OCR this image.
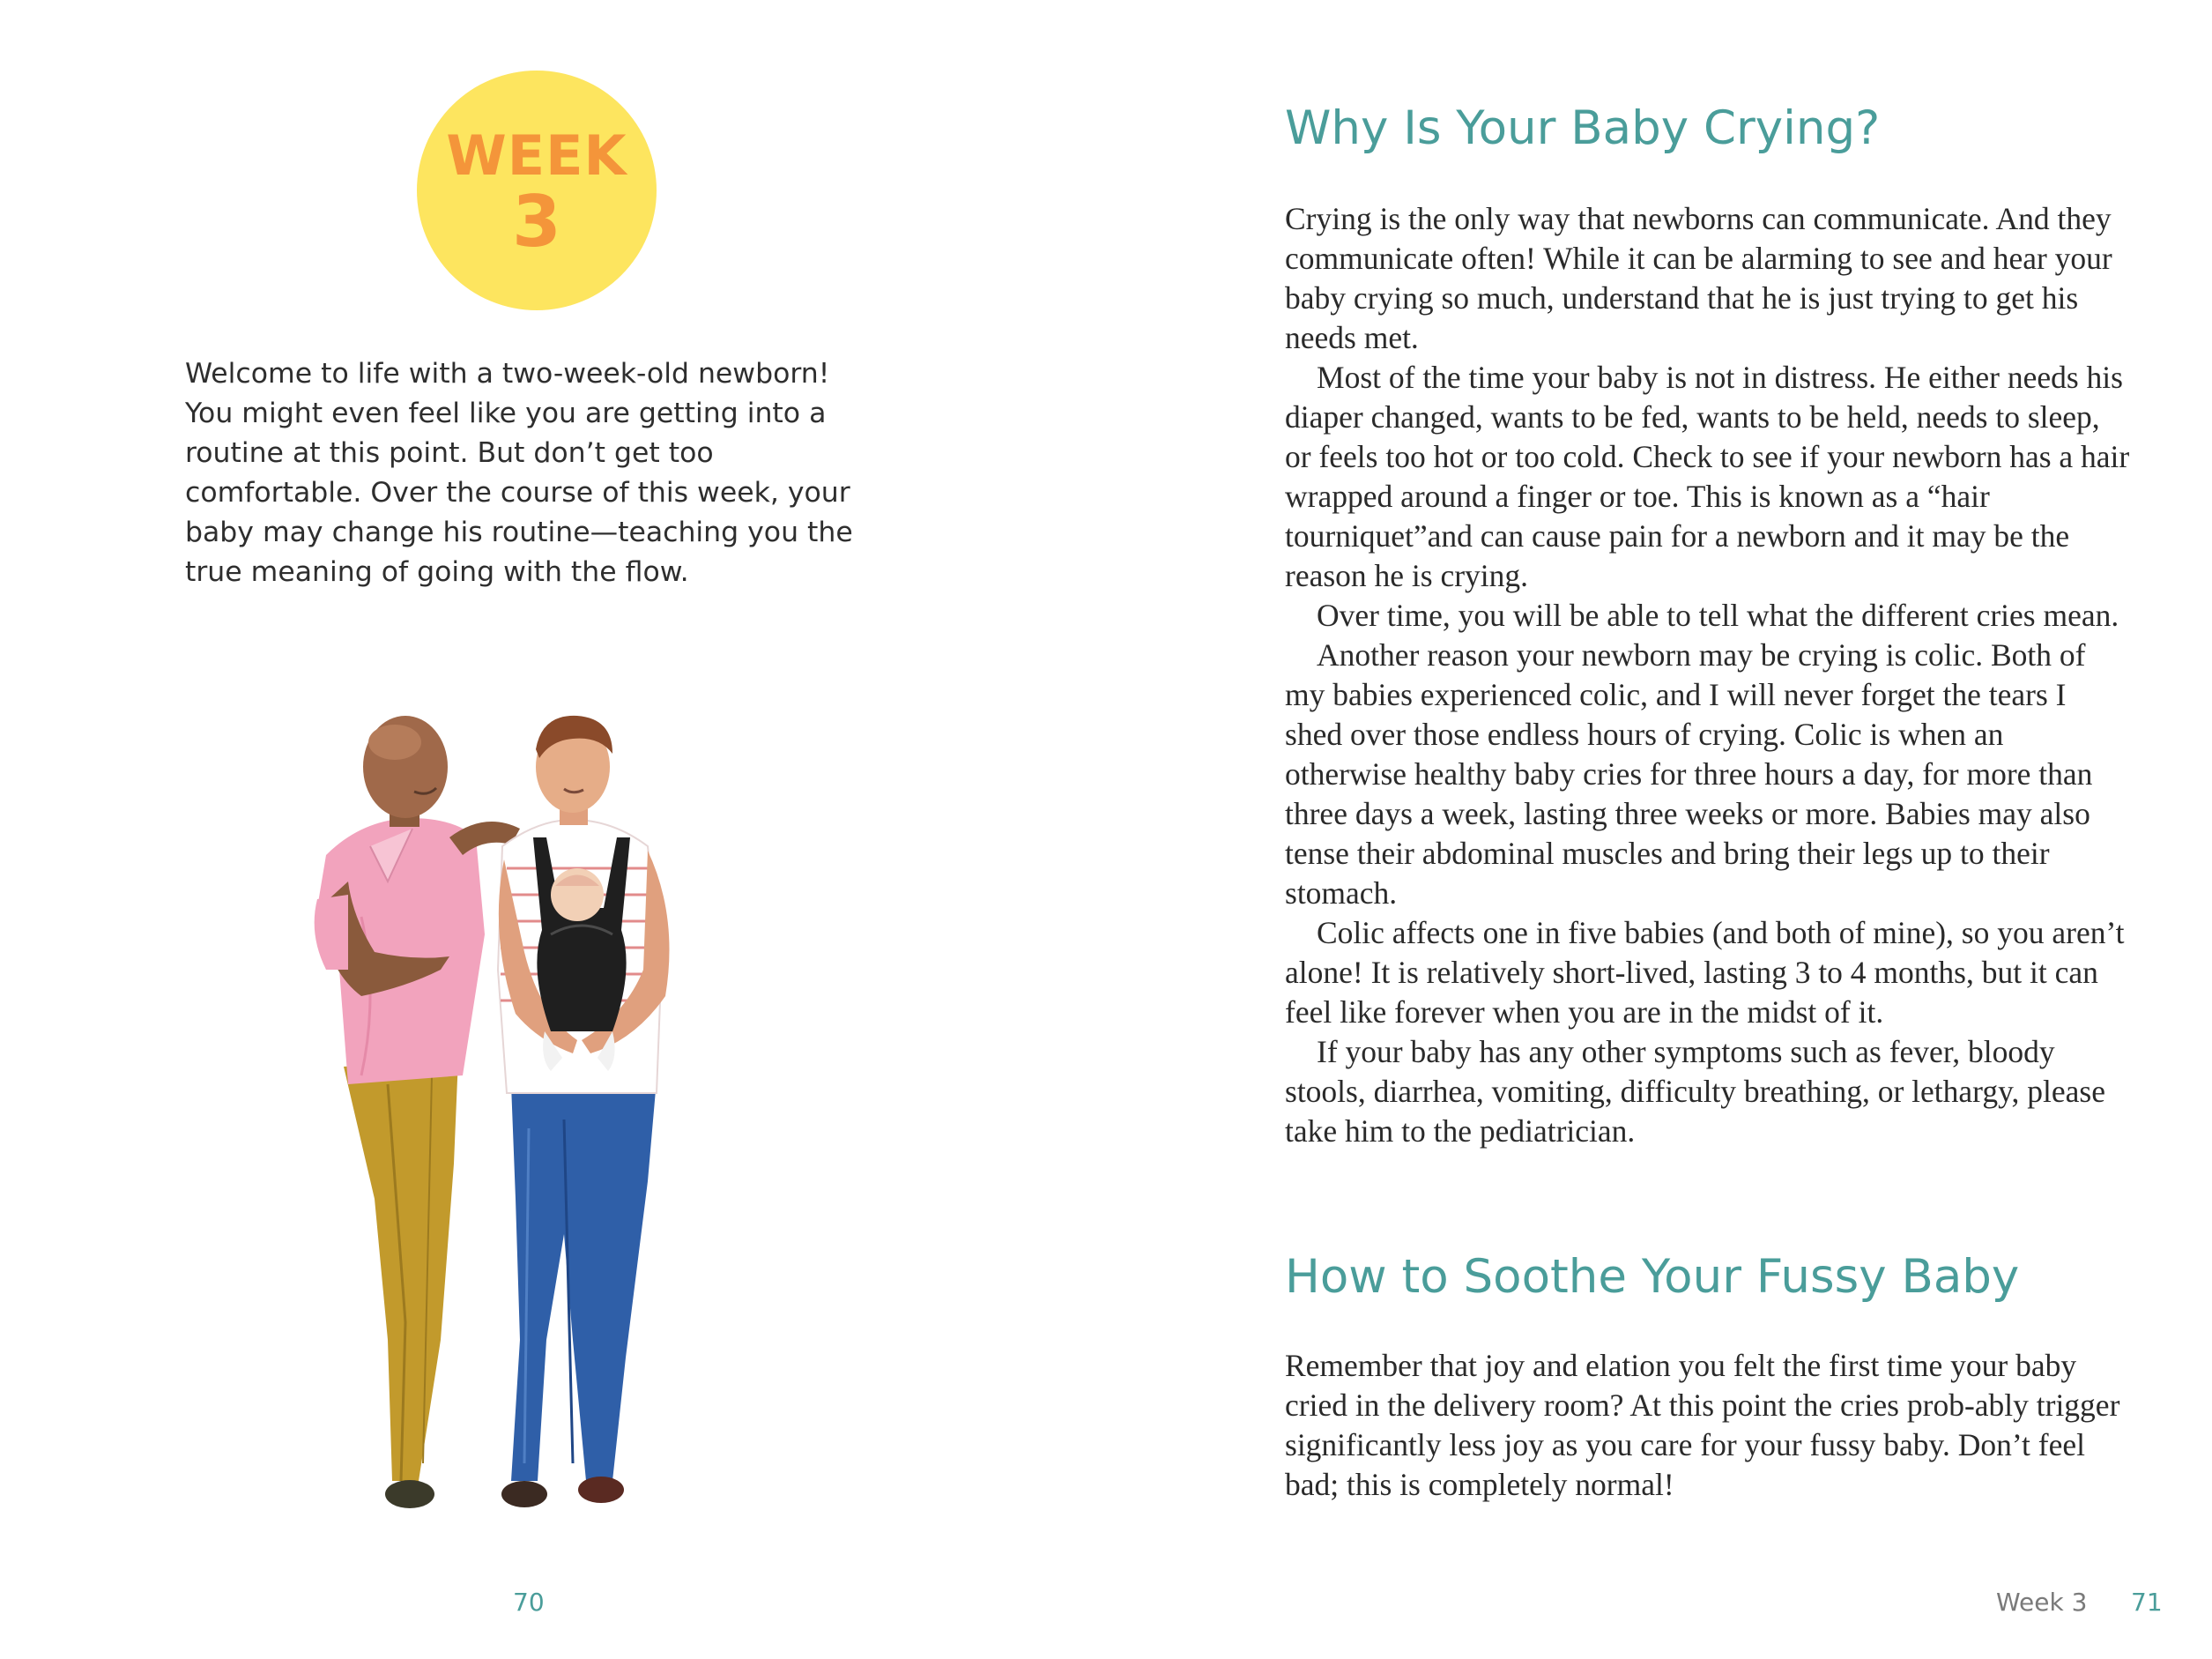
WEEK
3

Welcome to life with a two-week-old newborn! You might even feel like you are getting into a routine at this point. But don’t get too comfortable. Over the course of this week, your baby may change his routine—teaching you the true meaning of going with the flow.

70
Why Is Your Baby Crying?

Crying is the only way that newborns can communicate. And they communicate often! While it can be alarming to see and hear your baby crying so much, understand that he is just trying to get his needs met.

Most of the time your baby is not in distress. He either needs his diaper changed, wants to be fed, wants to be held, needs to sleep, or feels too hot or too cold. Check to see if your newborn has a hair wrapped around a finger or toe. This is known as a “hair tourniquet”and can cause pain for a newborn and it may be the reason he is crying.

Over time, you will be able to tell what the different cries mean.

Another reason your newborn may be crying is colic. Both of my babies experienced colic, and I will never forget the tears I shed over those endless hours of crying. Colic is when an otherwise healthy baby cries for three hours a day, for more than three days a week, lasting three weeks or more. Babies may also tense their abdominal muscles and bring their legs up to their stomach.

Colic affects one in five babies (and both of mine), so you aren’t alone! It is relatively short-lived, lasting 3 to 4 months, but it can feel like forever when you are in the midst of it.

If your baby has any other symptoms such as fever, bloody stools, diarrhea, vomiting, difficulty breathing, or lethargy, please take him to the pediatrician.

How to Soothe Your Fussy Baby

Remember that joy and elation you felt the first time your baby cried in the delivery room? At this point the cries prob-ably trigger significantly less joy as you care for your fussy baby. Don’t feel bad; this is completely normal!

Week 3 71
